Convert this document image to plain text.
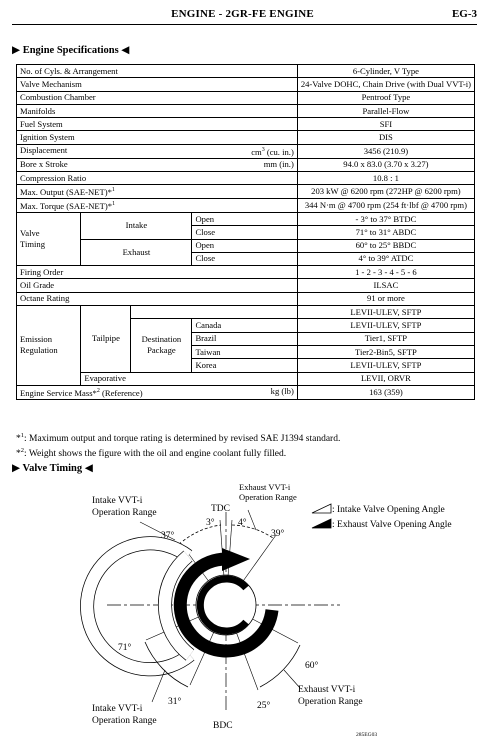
ENGINE - 2GR-FE ENGINE	EG-3
▶ Engine Specifications ◀
No. of Cyls. & Arrangement				6-Cylinder, V Type
Valve Mechanism				24-Valve DOHC, Chain Drive (with Dual VVT-i)
Combustion Chamber				Pentroof Type
Manifolds				Parallel-Flow
Fuel System				SFI
Ignition System				DIS
Displacement $cm^3$ (cu. in.)				3456 (210.9)
Bore x Stroke mm (in.)				94.0 x 83.0 (3.70 x 3.27)
Compression Ratio				10.8 : 1
Max. Output (SAE-NET)*$^1$				203 kW @ 6200 rpm (272HP @ 6200 rpm)
Max. Torque (SAE-NET)*$^1$				344 N·m @ 4700 rpm (254 ft·lbf @ 4700 rpm)
Valve
Timing	Intake		Open	- 3° to 37° BTDC
			Close	71° to 31° ABDC
	Exhaust		Open	60° to 25° BBDC
			Close	4° to 39° ATDC
Firing Order				1 - 2 - 3 - 4 - 5 - 6
Oil Grade				ILSAC
Octane Rating				91 or more
Emission
Regulation	Tailpipe			LEVII-ULEV, SFTP
		Destination
Package	Canada	LEVII-ULEV, SFTP
			Brazil	Tier1, SFTP
			Taiwan	Tier2-Bin5, SFTP
			Korea	LEVII-ULEV, SFTP
	Evaporative			LEVII, ORVR
Engine Service Mass*$^2$ (Reference) kg (lb)				163 (359)
*$^1$: Maximum output and torque rating is determined by revised SAE J1394 standard.
*$^2$: Weight shows the figure with the oil and engine coolant fully filled.
▶ Valve Timing ◀
Intake VVT-i
Operation Range
Exhaust VVT-i
Operation Range
TDC
37°
3° 4°
39°
71°
31°	25°
60°
Exhaust VVT-i
Operation Range
Intake VVT-i
Operation Range	BDC
: Intake Valve Opening Angle
: Exhaust Valve Opening Angle
285EG03
